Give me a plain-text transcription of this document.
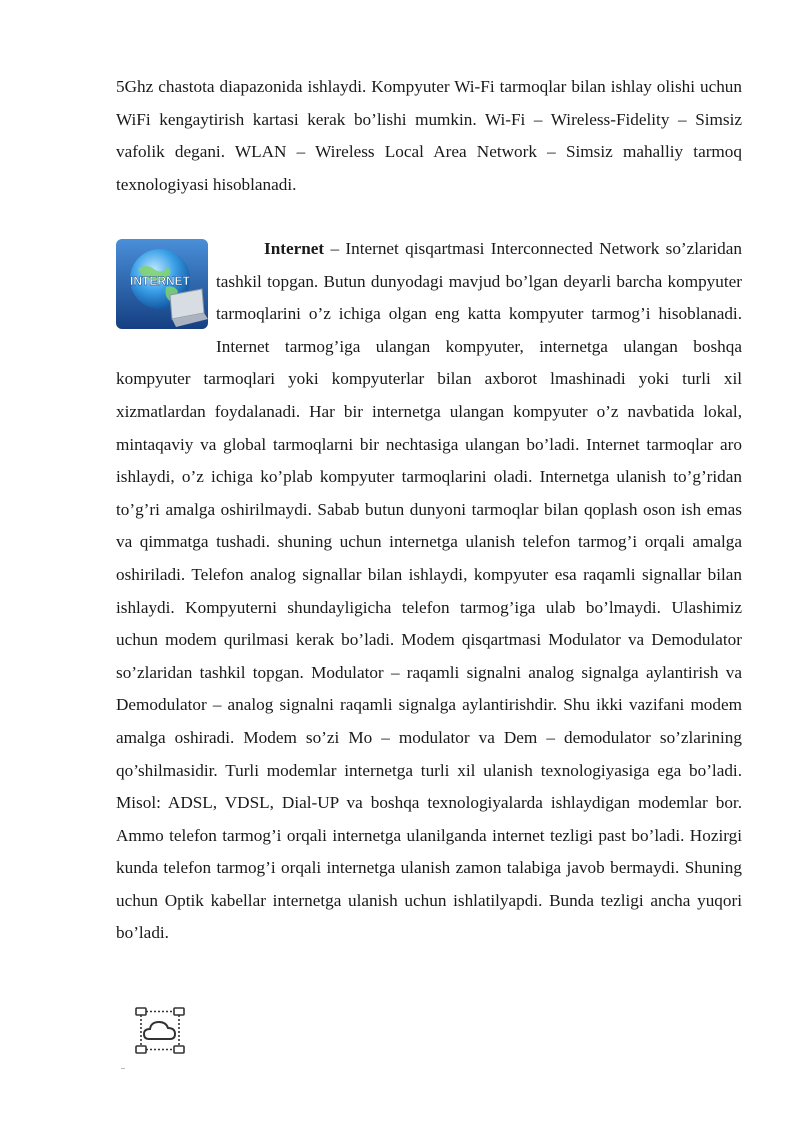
5Ghz chastota diapazonida ishlaydi. Kompyuter Wi-Fi tarmoqlar bilan ishlay olishi uchun WiFi kengaytirish kartasi kerak bo’lishi mumkin. Wi-Fi – Wireless-Fidelity – Simsiz vafolik degani. WLAN – Wireless Local Area Network – Simsiz mahalliy tarmoq texnologiyasi hisoblanadi.

INTERNET
Internet – Internet qisqartmasi Interconnected Network so’zlaridan tashkil topgan. Butun dunyodagi mavjud bo’lgan deyarli barcha kompyuter tarmoqlarini o’z ichiga olgan eng katta kompyuter tarmog’i hisoblanadi. Internet tarmog’iga ulangan kompyuter, internetga ulangan boshqa kompyuter tarmoqlari yoki kompyuterlar bilan axborot lmashinadi yoki turli xil xizmatlardan foydalanadi. Har bir internetga ulangan kompyuter o’z navbatida lokal, mintaqaviy va global tarmoqlarni bir nechtasiga ulangan bo’ladi. Internet tarmoqlar aro ishlaydi, o’z ichiga ko’plab kompyuter tarmoqlarini oladi. Internetga ulanish to’g’ridan to’g’ri amalga oshirilmaydi. Sabab butun dunyoni tarmoqlar bilan qoplash oson ish emas va qimmatga tushadi. shuning uchun internetga ulanish telefon tarmog’i orqali amalga oshiriladi. Telefon analog signallar bilan ishlaydi, kompyuter esa raqamli signallar bilan ishlaydi. Kompyuterni shundayligicha telefon tarmog’iga ulab bo’lmaydi. Ulashimiz uchun modem qurilmasi kerak bo’ladi. Modem qisqartmasi Modulator va Demodulator so’zlaridan tashkil topgan. Modulator – raqamli signalni analog signalga aylantirish va Demodulator – analog signalni raqamli signalga aylantirishdir. Shu ikki vazifani modem amalga oshiradi. Modem so’zi Mo – modulator va Dem – demodulator so’zlarining qo’shilmasidir. Turli modemlar internetga turli xil ulanish texnologiyasiga ega bo’ladi. Misol: ADSL, VDSL, Dial-UP va boshqa texnologiyalarda ishlaydigan modemlar bor. Ammo telefon tarmog’i orqali internetga ulanilganda internet tezligi past bo’ladi. Hozirgi kunda telefon tarmog’i orqali internetga ulanish zamon talabiga javob bermaydi. Shuning uchun Optik kabellar internetga ulanish uchun ishlatilyapdi. Bunda tezligi ancha yuqori bo’ladi.
